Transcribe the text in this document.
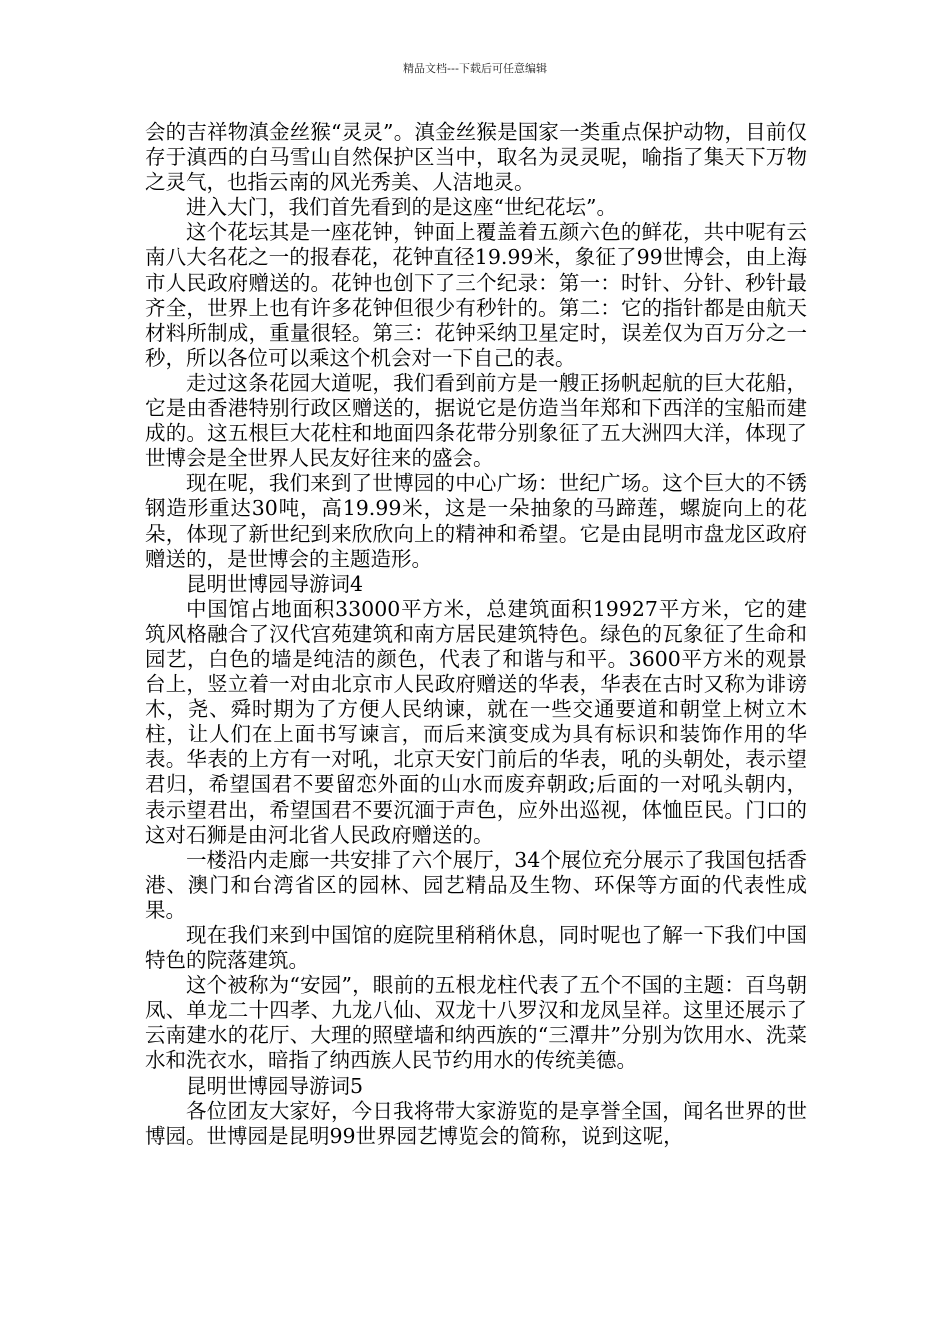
精品文档---下载后可任意编辑

会的吉祥物滇金丝猴“灵灵”。滇金丝猴是国家一类重点保护动物，目前仅存于滇西的白马雪山自然保护区当中，取名为灵灵呢，喻指了集天下万物之灵气，也指云南的风光秀美、人洁地灵。

进入大门，我们首先看到的是这座“世纪花坛”。

这个花坛其是一座花钟，钟面上覆盖着五颜六色的鲜花，共中呢有云南八大名花之一的报春花，花钟直径19.99米，象征了99世博会，由上海市人民政府赠送的。花钟也创下了三个纪录：第一：时针、分针、秒针最齐全，世界上也有许多花钟但很少有秒针的。第二：它的指针都是由航天材料所制成，重量很轻。第三：花钟采纳卫星定时，误差仅为百万分之一秒，所以各位可以乘这个机会对一下自己的表。

走过这条花园大道呢，我们看到前方是一艘正扬帆起航的巨大花船，它是由香港特别行政区赠送的，据说它是仿造当年郑和下西洋的宝船而建成的。这五根巨大花柱和地面四条花带分别象征了五大洲四大洋，体现了世博会是全世界人民友好往来的盛会。

现在呢，我们来到了世博园的中心广场：世纪广场。这个巨大的不锈钢造形重达30吨，高19.99米，这是一朵抽象的马蹄莲，螺旋向上的花朵，体现了新世纪到来欣欣向上的精神和希望。它是由昆明市盘龙区政府赠送的，是世博会的主题造形。

昆明世博园导游词4

中国馆占地面积33000平方米，总建筑面积19927平方米，它的建筑风格融合了汉代宫苑建筑和南方居民建筑特色。绿色的瓦象征了生命和园艺，白色的墙是纯洁的颜色，代表了和谐与和平。3600平方米的观景台上，竖立着一对由北京市人民政府赠送的华表，华表在古时又称为诽谤木，尧、舜时期为了方便人民纳谏，就在一些交通要道和朝堂上树立木柱，让人们在上面书写谏言，而后来演变成为具有标识和装饰作用的华表。华表的上方有一对吼，北京天安门前后的华表，吼的头朝处，表示望君归，希望国君不要留恋外面的山水而废弃朝政;后面的一对吼头朝内，表示望君出，希望国君不要沉湎于声色，应外出巡视，体恤臣民。门口的这对石狮是由河北省人民政府赠送的。

一楼沿内走廊一共安排了六个展厅，34个展位充分展示了我国包括香港、澳门和台湾省区的园林、园艺精品及生物、环保等方面的代表性成果。

现在我们来到中国馆的庭院里稍稍休息，同时呢也了解一下我们中国特色的院落建筑。

这个被称为“安园”，眼前的五根龙柱代表了五个不国的主题：百鸟朝凤、单龙二十四孝、九龙八仙、双龙十八罗汉和龙凤呈祥。这里还展示了云南建水的花厅、大理的照壁墙和纳西族的“三潭井”分别为饮用水、洗菜水和洗衣水，暗指了纳西族人民节约用水的传统美德。

昆明世博园导游词5

各位团友大家好，今日我将带大家游览的是享誉全国，闻名世界的世博园。世博园是昆明99世界园艺博览会的简称，说到这呢，
